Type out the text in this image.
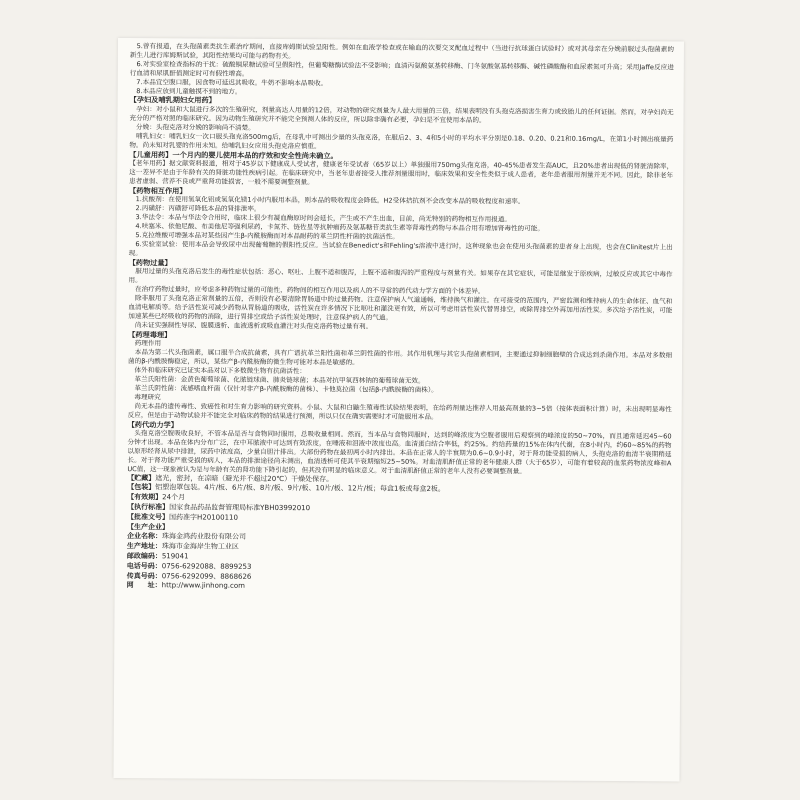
　5.曾有报道，在头孢菌素类抗生素治疗期间，直接库姆斯试验呈阳性。例如在血液学检查或在输血的次要交叉配血过程中（当进行抗球蛋白试验时）或对其母亲在分娩前服过头孢菌素的新生儿进行库姆斯试验，其阳性结果均可能与药物有关。

　6.对实验室检查指标的干扰：硫酸铜尿糖试验可呈假阳性，但葡萄糖酶试验法不受影响；血清丙氨酸氨基转移酶、门冬氨酸氨基转移酶、碱性磷酸酶和血尿素氮可升高；采用Jaffe反应进行血清和尿肌酐值测定时可有假性增高。

　7.本品宜空腹口服，因食物可延迟其吸收。牛奶不影响本品吸收。

　8.本品应放到儿童触摸不到的地方。

【孕妇及哺乳期妇女用药】

　孕妇：对小鼠和大鼠进行多次的生殖研究，剂量高达人用量的12倍，对动物的研究剂量为人最大用量的三倍，结果表明没有头孢克洛损害生育力或致胎儿的任何证据。然而，对孕妇尚无充分的严格对照的临床研究。因为动物生殖研究并不能完全预测人体的反应，所以除非确有必要，孕妇是不宜使用本品的。

　分娩：头孢克洛对分娩的影响尚不清楚。

　哺乳妇女：哺乳妇女一次口服头孢克洛500mg后，在母乳中可测出少量的头孢克洛，在服后2、3、4和5小时的平均水平分别是0.18、0.20、0.21和0.16mg/L，在第1小时测出痕量药物。尚未知对乳婴的作用未知。给哺乳妇女应用头孢克洛应慎重。

【儿童用药】一个月内的婴儿使用本品的疗效和安全性尚未确立。

【老年用药】据文献资料报道，相对于45岁以下健康成人受试者，健康老年受试者（65岁以上）单独服用750mg头孢克洛，40-45%患者发生高AUC，且20%患者出现低的肾脏清除率，这一差异不是由于年龄有关的肾脏功能性疾病引起。在临床研究中，当老年患者接受人推荐剂量服用时，临床效果和安全性类似于成人患者，老年患者服用剂量并无不同。因此，除非老年患者虚弱、营养不良或严重肾功能损害，一般不需要调整剂量。

【药物相互作用】

　1.抗酸剂：在使用氢氧化铝或氢氧化镁1小时内服用本品，则本品的吸收程度会降低。H2受体拮抗剂不会改变本品的吸收程度和速率。

　2.丙磺舒：丙磺舒可降低本品的肾排泄率。

　3.华法令：本品与华法令合用时，临床上很少有凝血酶原时间会延长，产生或不产生出血，目前，尚无特别的药物相互作用报道。

　4.呋塞米、依他尼酸、布美他尼等强利尿药，卡氮芥、链佐星等抗肿瘤药及氨基糖苷类抗生素等肾毒性药物与本品合用有增加肾毒性的可能。

　5.克拉维酸可增强本品对某些因产生β-内酰胺酶而对本品耐药的革兰阴性杆菌的抗菌活性。

　6.实验室试验：使用本品会导致尿中出现葡萄糖的假阳性反应。当试验在Benedict's和Fehling's溶液中进行时，这种现象也会在使用头孢菌素的患者身上出现，也会在Clinitest片上出现。

【药物过量】

　服用过量的头孢克洛后发生的毒性症状包括：恶心、呕吐、上腹不适和腹泻，上腹不适和腹泻的严重程度与剂量有关。如果存在其它症状，可能是继发于原疾病，过敏反应或其它中毒作用。

　在治疗药物过量时，应考虑多种药物过量的可能性，药物间的相互作用以及病人的不寻常的药代动力学方面的个体差异。

　除非服用了头孢克洛正常剂量的五倍，否则没有必要清除胃肠道中的过量药物。注意保护病人气道通畅，维持换气和灌注。在可接受的范围内，严密监测和维持病人的生命体征、血气和血清电解质等。给予活性炭可减少药物从胃肠道的吸收，活性炭在许多情况下比呕吐和灌洗更有效，所以可考虑用活性炭代替胃排空，或除胃排空外再加用活性炭。多次给予活性炭，可能加速某些已经吸收的药物的消除，进行胃排空或给予活性炭处理时，注意保护病人的气道。

　尚未证实强制性导尿、腹膜透析、血液透析或吸血灌注对头孢克洛药物过量有利。

【药理毒理】

　药理作用

　本品为第二代头孢菌素，属口服半合成抗菌素，具有广谱抗革兰阳性菌和革兰阴性菌的作用。其作用机理与其它头孢菌素相同，主要通过抑制细胞壁的合成达到杀菌作用。本品对多数细菌的β-内酰胺酶稳定，所以，某些产β-内酰胺酶的微生物可能对本品是敏感的。

　体外和临床研究已证实本品对以下多数微生物有抗菌活性：

　革兰氏阳性菌：金黄色葡萄球菌、化脓链球菌、肺炎链球菌；本品对抗甲氧西林钠的葡萄球菌无效。

　革兰氏阴性菌：流感嗜血杆菌（仅针对非产β-内酰胺酶的菌株）、卡他莫拉菌（包括β-内酰胺酶的菌株）。

　毒理研究

　尚无本品的遗传毒性、致癌性和对生育力影响的研究资料。小鼠、大鼠和白鼬生殖毒性试验结果表明，在给药剂量达推荐人用最高剂量的3~5倍（按体表面积计算）时，未出现明显毒性反应，但是由于动物试验并不能完全对临床药物的结果进行预测，所以只仅在确实需要时才可能服用本品。

【药代动力学】

　头孢克洛空腹吸收良好，不管本品是否与食物同时服用，总吸收量相同。然而，当本品与食物同服时，达到的峰浓度为空腹者服用后观察到的峰浓度的50~70%，而且通常延迟45~60分钟才出现。本品在体内分布广泛，在中耳脓液中可达到有效浓度，在唾液和泪液中浓度也高。血清蛋白结合率低，约25%。约给药量的15%在体内代谢，在8小时内，约60~85%的药物以原形经肾从尿中排泄，尿药中浓度高，少量自胆汁排出。大部份药物在最初两小时内排出。本品在正常人的半衰期为0.6~0.9小时，对于肾功能受损的病人，头孢克洛的血清半衰期稍延长。对于肾功能严重受损的病人，本品的排泄途径尚未测出，血清透析可使其半衰期缩短25~50%。对血清肌酐值正常的老年健康人群（大于65岁），可能有着较高的血浆药物浓度峰和AUC值，这一现象被认为是与年龄有关的肾功能下降引起的，但其没有明显的临床意义。对于血清肌酐值正常的老年人没有必要调整剂量。

【贮藏】遮光，密封，在凉暗（避光并不超过20℃）干燥处保存。

【包装】铝塑泡罩包装。4片/板、6片/板、8片/板、9片/板、10片/板、12片/板；每盒1板或每盒2板。

【有效期】24个月

【执行标准】国家食品药品监督管理局标准YBH03992010

【批准文号】国药准字H20100110

【生产企业】

企业名称：珠海金鸿药业股份有限公司

生产地址：珠海市金海岸生物工业区

邮政编码：519041

电话号码：0756-6292088、8899253

传真号码：0756-6292099、8868626

网　　址：http://www.jinhong.com
